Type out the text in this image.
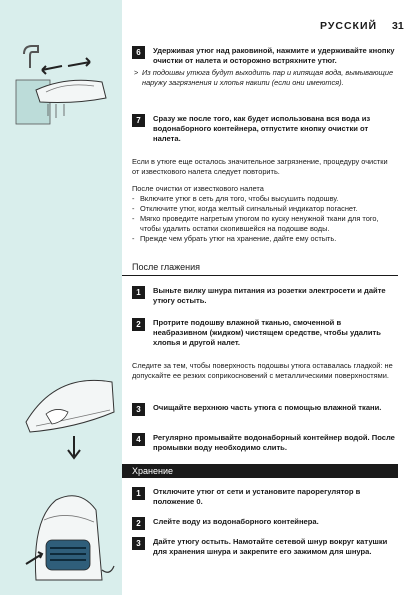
РУССКИЙ 31
6	Удерживая утюг над раковиной, нажмите и удерживайте кнопку очистки от налета и осторожно встряхните утюг.
> Из подошвы утюга будут выходить пар и кипящая вода, вымывающие наружу загрязнения и хлопья накипи (если они имеются).
7	Сразу же после того, как будет использована вся вода из водонаборного контейнера, отпустите кнопку очистки от налета.
Если в утюге еще осталось значительное загрязнение, процедуру очистки от известкового налета следует повторить.
После очистки от известкового налета
- Включите утюг в сеть для того, чтобы высушить подошву.
- Отключите утюг, когда желтый сигнальный индикатор погаснет.
- Мягко проведите нагретым утюгом по куску ненужной ткани для того, чтобы удалить остатки скопившейся на подошве воды.
- Прежде чем убрать утюг на хранение, дайте ему остыть.
После глажения
1	Выньте вилку шнура питания из розетки электросети и дайте утюгу остыть.
2	Протрите подошву влажной тканью, смоченной в неабразивном (жидком) чистящем средстве, чтобы удалить хлопья и другой налет.
Следите за тем, чтобы поверхность подошвы утюга оставалась гладкой: не допускайте ее резких соприкосновений с металлическими поверхностями.
3	Очищайте верхнюю часть утюга с помощью влажной ткани.
4	Регулярно промывайте водонаборный контейнер водой. После промывки воду необходимо слить.
Хранение
1	Отключите утюг от сети и установите парорегулятор в положение 0.
2	Слейте воду из водонаборного контейнера.
3	Дайте утюгу остыть. Намотайте сетевой шнур вокруг катушки для хранения шнура и закрепите его зажимом для шнура.
